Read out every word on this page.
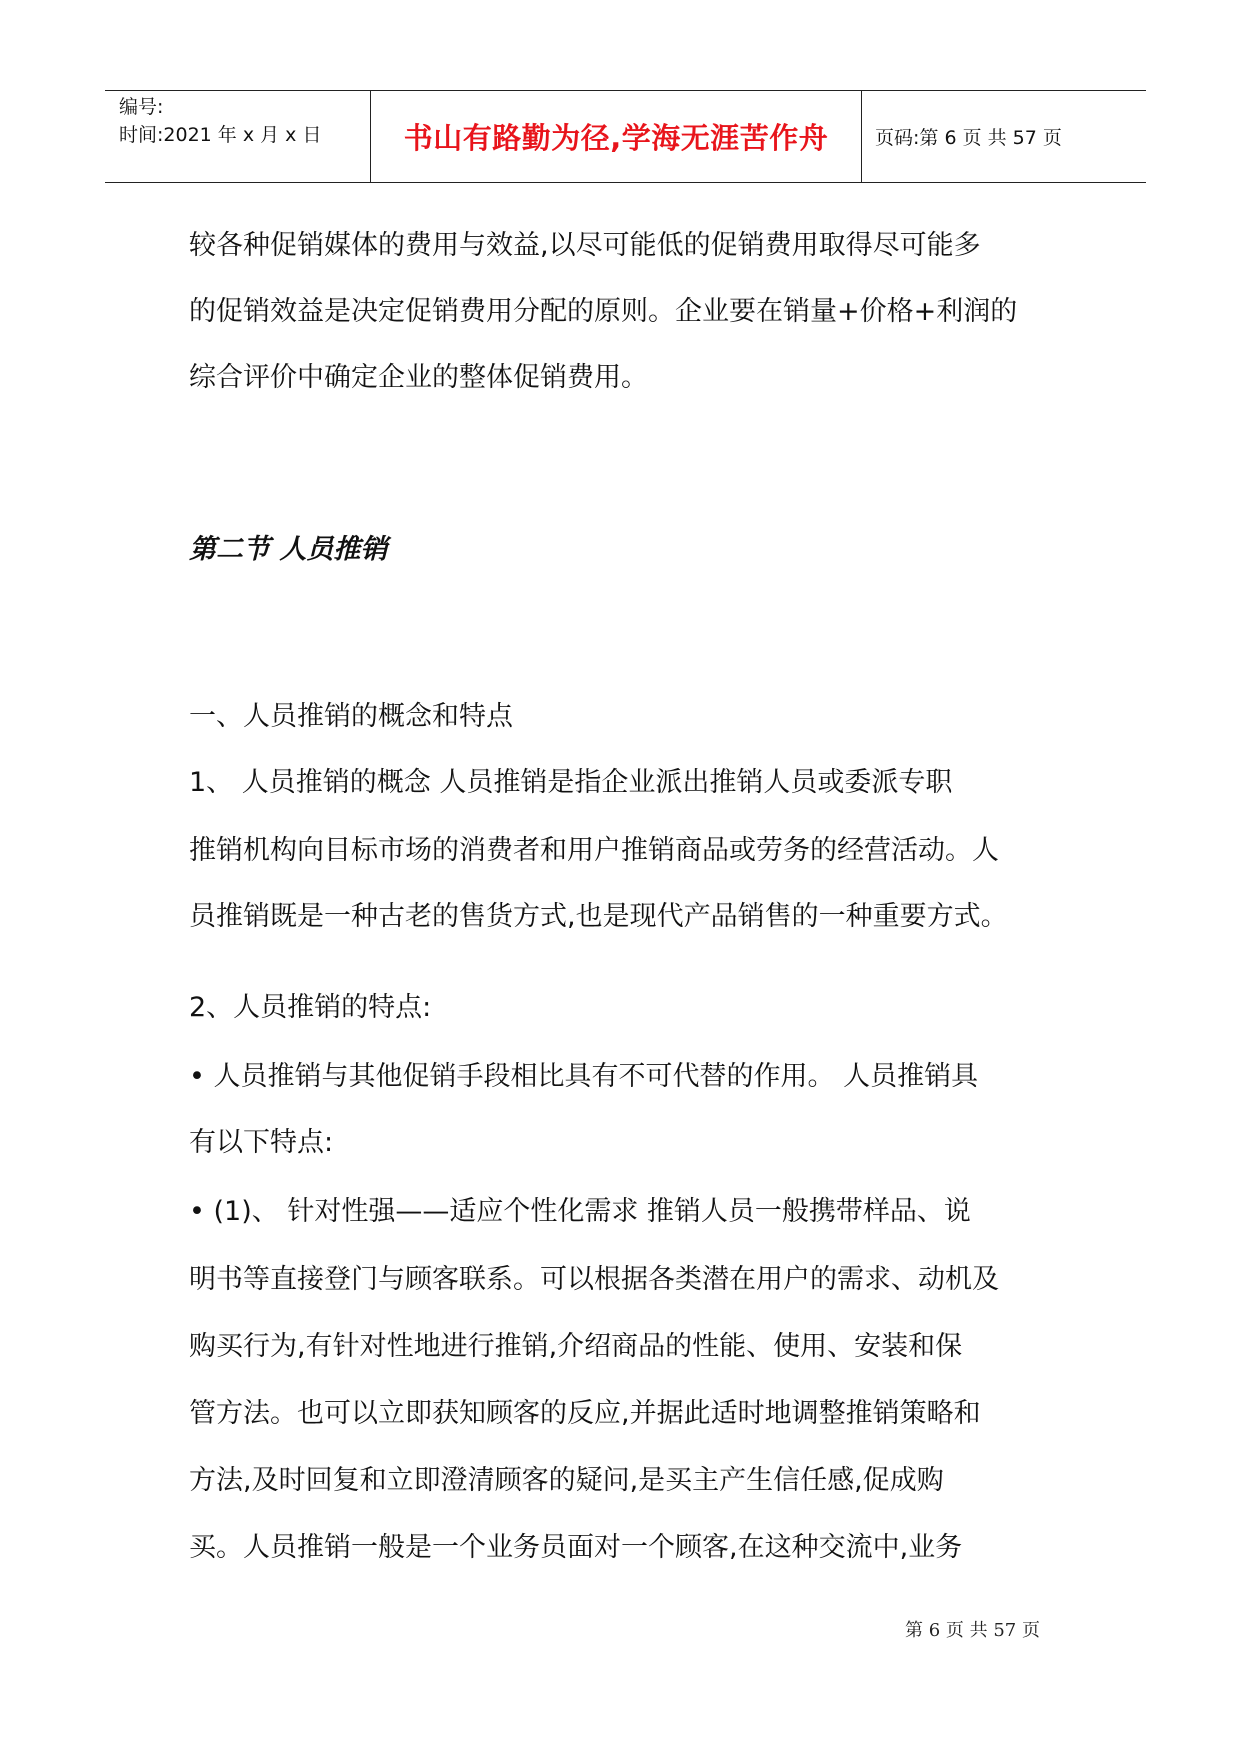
编号:
时间:2021 年 x 月 x 日	书山有路勤为径,学海无涯苦作舟	页码:第 6 页 共 57 页
较各种促销媒体的费用与效益,以尽可能低的促销费用取得尽可能多
的促销效益是决定促销费用分配的原则。企业要在销量+价格+利润的
综合评价中确定企业的整体促销费用。
第二节 人员推销
一、人员推销的概念和特点
1、 人员推销的概念 人员推销是指企业派出推销人员或委派专职
推销机构向目标市场的消费者和用户推销商品或劳务的经营活动。人
员推销既是一种古老的售货方式,也是现代产品销售的一种重要方式。
2、人员推销的特点:
• 人员推销与其他促销手段相比具有不可代替的作用。 人员推销具
有以下特点:
• (1)、 针对性强——适应个性化需求 推销人员一般携带样品、说
明书等直接登门与顾客联系。可以根据各类潜在用户的需求、动机及
购买行为,有针对性地进行推销,介绍商品的性能、使用、安装和保
管方法。也可以立即获知顾客的反应,并据此适时地调整推销策略和
方法,及时回复和立即澄清顾客的疑问,是买主产生信任感,促成购
买。人员推销一般是一个业务员面对一个顾客,在这种交流中,业务
第 6 页 共 57 页
